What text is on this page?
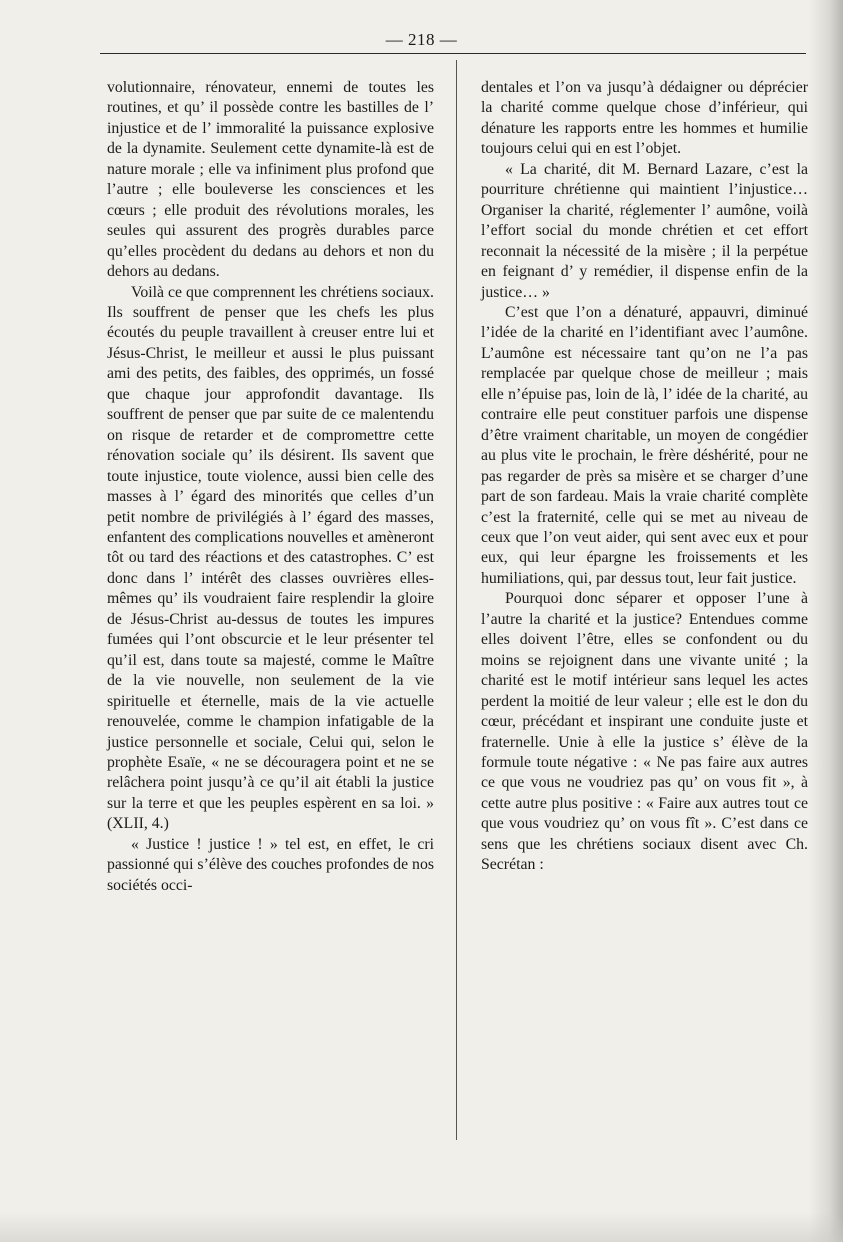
— 218 —

volutionnaire, rénovateur, ennemi de toutes les routines, et qu’ il possède contre les bastilles de l’ injustice et de l’ immoralité la puissance explosive de la dynamite. Seulement cette dynamite-là est de nature morale ; elle va infiniment plus profond que l’autre ; elle bouleverse les consciences et les cœurs ; elle produit des révolutions morales, les seules qui assurent des progrès durables parce qu’elles procèdent du dedans au dehors et non du dehors au dedans.

Voilà ce que comprennent les chrétiens sociaux. Ils souffrent de penser que les chefs les plus écoutés du peuple travaillent à creuser entre lui et Jésus-Christ, le meilleur et aussi le plus puissant ami des petits, des faibles, des opprimés, un fossé que chaque jour approfondit davantage. Ils souffrent de penser que par suite de ce malentendu on risque de retarder et de compromettre cette rénovation sociale qu’ ils désirent. Ils savent que toute injustice, toute violence, aussi bien celle des masses à l’ égard des minorités que celles d’un petit nombre de privilégiés à l’ égard des masses, enfantent des complications nouvelles et amèneront tôt ou tard des réactions et des catastrophes. C’ est donc dans l’ intérêt des classes ouvrières elles-mêmes qu’ ils voudraient faire resplendir la gloire de Jésus-Christ au-dessus de toutes les impures fumées qui l’ont obscurcie et le leur présenter tel qu’il est, dans toute sa majesté, comme le Maître de la vie nouvelle, non seulement de la vie spirituelle et éternelle, mais de la vie actuelle renouvelée, comme le champion infatigable de la justice personnelle et sociale, Celui qui, selon le prophète Esaïe, « ne se découragera point et ne se relâchera point jusqu’à ce qu’il ait établi la justice sur la terre et que les peuples espèrent en sa loi. » (XLII, 4.)

« Justice ! justice ! » tel est, en effet, le cri passionné qui s’élève des couches profondes de nos sociétés occi-

dentales et l’on va jusqu’à dédaigner ou déprécier la charité comme quelque chose d’inférieur, qui dénature les rapports entre les hommes et humilie toujours celui qui en est l’objet.

« La charité, dit M. Bernard Lazare, c’est la pourriture chrétienne qui maintient l’injustice… Organiser la charité, réglementer l’ aumône, voilà l’effort social du monde chrétien et cet effort reconnait la nécessité de la misère ; il la perpétue en feignant d’ y remédier, il dispense enfin de la justice… »

C’est que l’on a dénaturé, appauvri, diminué l’idée de la charité en l’identifiant avec l’aumône. L’aumône est nécessaire tant qu’on ne l’a pas remplacée par quelque chose de meilleur ; mais elle n’épuise pas, loin de là, l’ idée de la charité, au contraire elle peut constituer parfois une dispense d’être vraiment charitable, un moyen de congédier au plus vite le prochain, le frère déshérité, pour ne pas regarder de près sa misère et se charger d’une part de son fardeau. Mais la vraie charité complète c’est la fraternité, celle qui se met au niveau de ceux que l’on veut aider, qui sent avec eux et pour eux, qui leur épargne les froissements et les humiliations, qui, par dessus tout, leur fait justice.

Pourquoi donc séparer et opposer l’une à l’autre la charité et la justice? Entendues comme elles doivent l’être, elles se confondent ou du moins se rejoignent dans une vivante unité ; la charité est le motif intérieur sans lequel les actes perdent la moitié de leur valeur ; elle est le don du cœur, précédant et inspirant une conduite juste et fraternelle. Unie à elle la justice s’ élève de la formule toute négative : « Ne pas faire aux autres ce que vous ne voudriez pas qu’ on vous fit », à cette autre plus positive : « Faire aux autres tout ce que vous voudriez qu’ on vous fît ». C’est dans ce sens que les chrétiens sociaux disent avec Ch. Secrétan :
